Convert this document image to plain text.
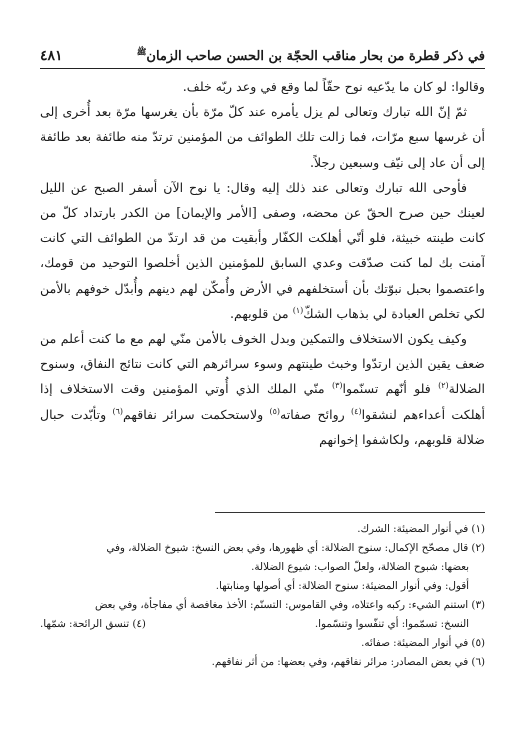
في ذكر قطرة من بحار مناقب الحجّة بن الحسن صاحب الزمان$^ﷺ$
٤٨١

وقالوا: لو كان ما يدّعيه نوح حقّاً لما وقع في وعد ربّه خلف.

ثمّ إنّ الله تبارك وتعالى لم يزل يأمره عند كلّ مرّة بأن يغرسها مرّة بعد أُخرى إلى أن غرسها سبع مرّات، فما زالت تلك الطوائف من المؤمنين ترتدّ منه طائفة بعد طائفة إلى أن عاد إلى نيّف وسبعين رجلاً.

فأوحى الله تبارك وتعالى عند ذلك إليه وقال: يا نوح الآن أسفر الصبح عن الليل لعينك حين صرح الحقّ عن محضه، وصفى [الأمر والإيمان] من الكدر بارتداد كلّ من كانت طينته خبيثة، فلو أنّي أهلكت الكفّار وأبقيت من قد ارتدّ من الطوائف التي كانت آمنت بك لما كنت صدّقت وعدي السابق للمؤمنين الذين أخلصوا التوحيد من قومك، واعتصموا بحبل نبوّتك بأن أستخلفهم في الأرض وأُمكّن لهم دينهم وأُبدّل خوفهم بالأمن لكي تخلص العبادة لي بذهاب الشكّ$^{(١)}$ من قلوبهم.

وكيف يكون الاستخلاف والتمكين وبدل الخوف بالأمن منّي لهم مع ما كنت أعلم من ضعف يقين الذين ارتدّوا وخبث طينتهم وسوء سرائرهم التي كانت نتائج النفاق، وسنوح الضلالة$^{(٢)}$ فلو أنّهم تسنّموا$^{(٣)}$ منّي الملك الذي أُوتي المؤمنين وقت الاستخلاف إذا أهلكت أعداءهم لنشقوا$^{(٤)}$ روائح صفاته$^{(٥)}$ ولاستحكمت سرائر نفاقهم$^{(٦)}$ وتأبّدت حبال ضلالة قلوبهم، ولكاشفوا إخوانهم

(١) في أنوار المضيئة: الشرك.
(٢) قال مصحّح الإكمال: سنوح الضلالة: أي ظهورها، وفي بعض النسخ: شيوخ الضلالة، وفي
بعضها: شبوح الضلالة، ولعلّ الصواب: شيوع الضلالة.
أقول: وفي أنوار المضيئة: سنوح الضلالة: أي أصولها ومنابتها.
(٣) استنم الشيء: ركبه واعتلاه، وفي القاموس: التسنّم: الأخذ مغافصة أي مفاجأة، وفي بعض
النسخ: تسمّموا: أي تنفّسوا وتنسّموا.
(٤) تنسق الرائحة: شمّها.
(٥) في أنوار المضيئة: صفائه.
(٦) في بعض المصادر: مرائر نفاقهم، وفي بعضها: من أثر نفاقهم.
